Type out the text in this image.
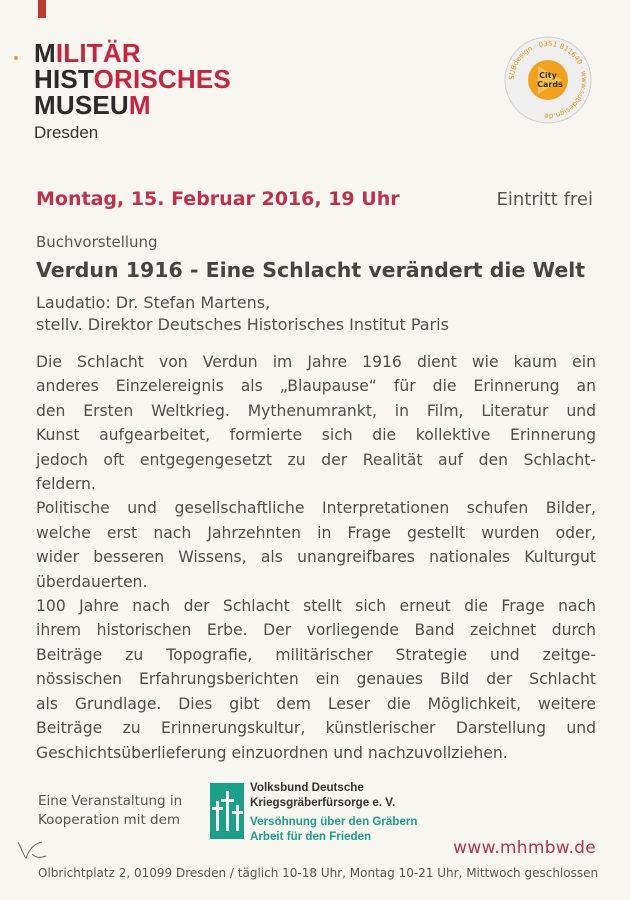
MILITÄR
HISTORISCHES
MUSEUM
Dresden
SUBdesign · 0351 811640 · www.subdesign.de
City
Cards
Montag, 15. Februar 2016, 19 Uhr	Eintritt frei
Buchvorstellung
Verdun 1916 - Eine Schlacht verändert die Welt
Laudatio: Dr. Stefan Martens,
stellv. Direktor Deutsches Historisches Institut Paris
Die Schlacht von Verdun im Jahre 1916 dient wie kaum ein
anderes Einzelereignis als „Blaupause“ für die Erinnerung an
den Ersten Weltkrieg. Mythenumrankt, in Film, Literatur und
Kunst aufgearbeitet, formierte sich die kollektive Erinnerung
jedoch oft entgegengesetzt zu der Realität auf den Schlacht-
feldern.
Politische und gesellschaftliche Interpretationen schufen Bilder,
welche erst nach Jahrzehnten in Frage gestellt wurden oder,
wider besseren Wissens, als unangreifbares nationales Kulturgut
überdauerten.
100 Jahre nach der Schlacht stellt sich erneut die Frage nach
ihrem historischen Erbe. Der vorliegende Band zeichnet durch
Beiträge zu Topografie, militärischer Strategie und zeitge-
nössischen Erfahrungsberichten ein genaues Bild der Schlacht
als Grundlage. Dies gibt dem Leser die Möglichkeit, weitere
Beiträge zu Erinnerungskultur, künstlerischer Darstellung und
Geschichtsüberlieferung einzuordnen und nachzuvollziehen.
Eine Veranstaltung in
Kooperation mit dem
Volksbund Deutsche
Kriegsgräberfürsorge e. V.
Versöhnung über den Gräbern
Arbeit für den Frieden
www.mhmbw.de
Olbrichtplatz 2, 01099 Dresden / täglich 10-18 Uhr, Montag 10-21 Uhr, Mittwoch geschlossen
